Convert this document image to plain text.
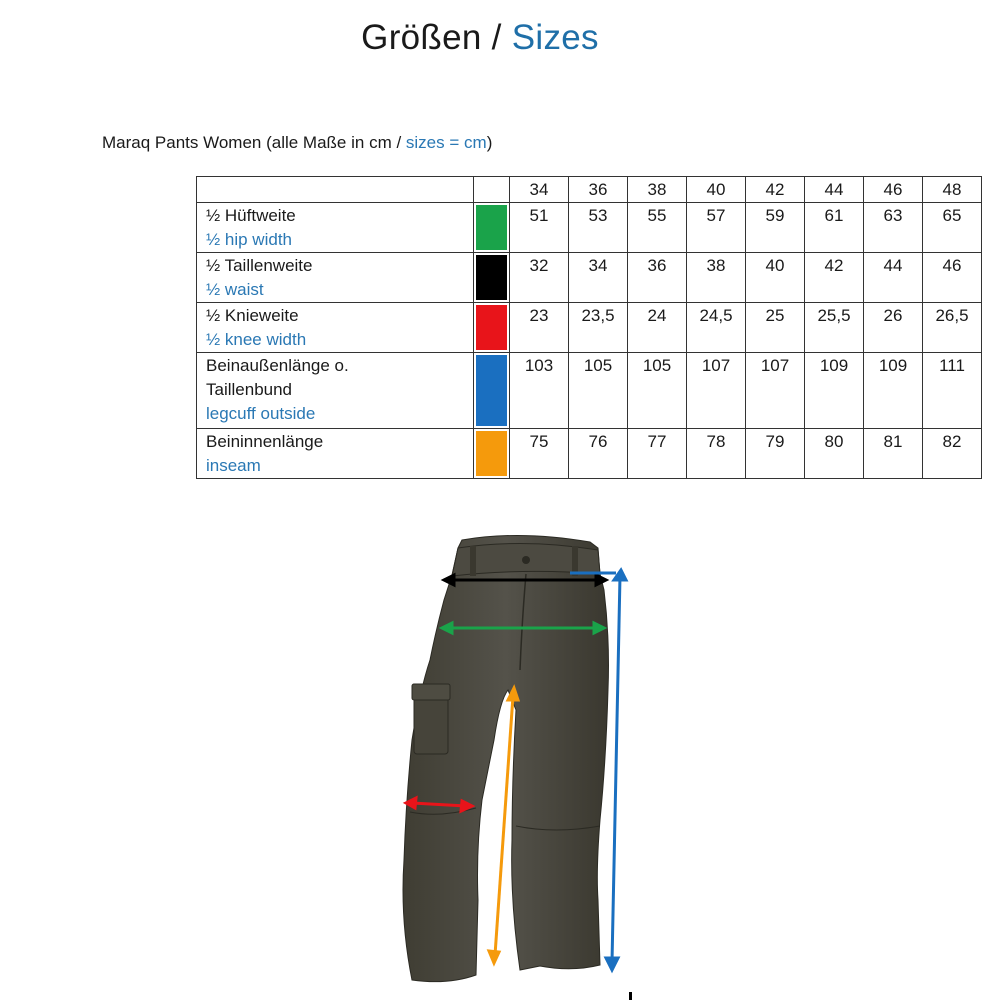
Größen / Sizes
Maraq Pants Women (alle Maße in cm / sizes = cm)
		34	36	38	40	42	44	46	48

½ Hüftweite
½ hip width		51	53	55	57	59	61	63	65

½ Taillenweite
½ waist		32	34	36	38	40	42	44	46

½ Knieweite
½ knee width		23	23,5	24	24,5	25	25,5	26	26,5

Beinaußenlänge o. Taillenbund
legcuff outside		103	105	105	107	107	109	109	111

Beininnenlänge
inseam		75	76	77	78	79	80	81	82
